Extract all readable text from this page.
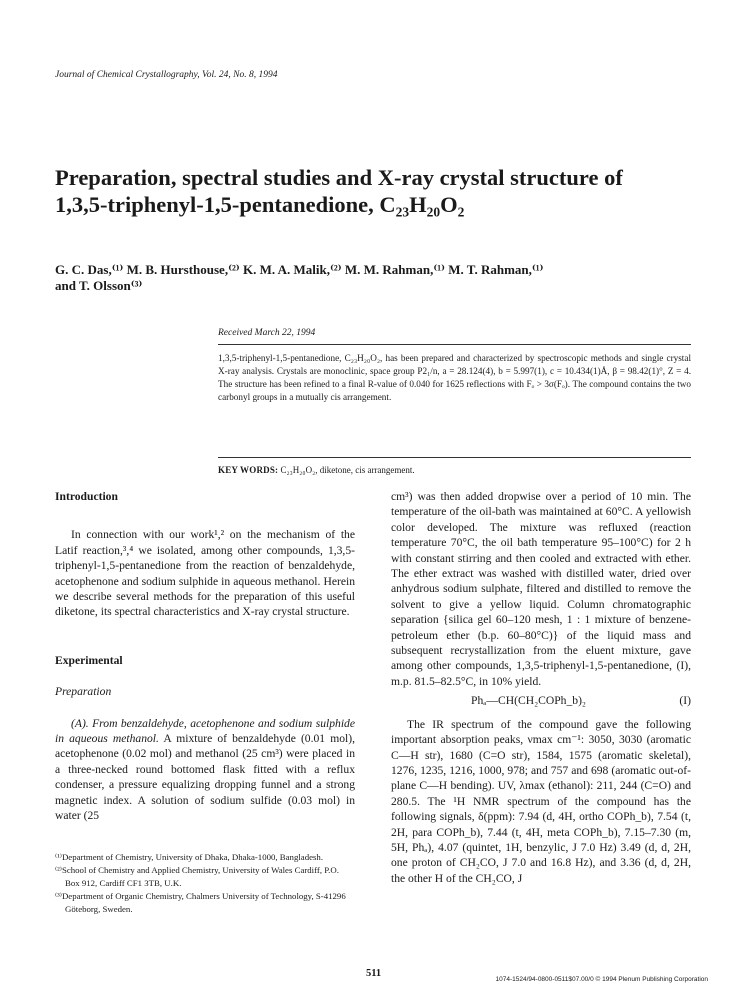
Journal of Chemical Crystallography, Vol. 24, No. 8, 1994
Preparation, spectral studies and X-ray crystal structure of
1,3,5-triphenyl-1,5-pentanedione, C₂₃H₂₀O₂
G. C. Das,⁽¹⁾ M. B. Hursthouse,⁽²⁾ K. M. A. Malik,⁽²⁾ M. M. Rahman,⁽¹⁾ M. T. Rahman,⁽¹⁾
and T. Olsson⁽³⁾
Received March 22, 1994

1,3,5-triphenyl-1,5-pentanedione, C₂₃H₂₀O₂, has been prepared and characterized by spectroscopic methods and single crystal X-ray analysis. Crystals are monoclinic, space group P2₁/n, a = 28.124(4), b = 5.997(1), c = 10.434(1)Å, β = 98.42(1)°, Z = 4. The structure has been refined to a final R-value of 0.040 for 1625 reflections with Fₒ > 3σ(Fₒ). The compound contains the two carbonyl groups in a mutually cis arrangement.

KEY WORDS: C₂₃H₂₀O₂, diketone, cis arrangement.

Introduction

In connection with our work¹,² on the mechanism of the Latif reaction,³,⁴ we isolated, among other compounds, 1,3,5-triphenyl-1,5-pentanedione from the reaction of benzaldehyde, acetophenone and sodium sulphide in aqueous methanol. Herein we describe several methods for the preparation of this useful diketone, its spectral characteristics and X-ray crystal structure.

Experimental

Preparation

(A). From benzaldehyde, acetophenone and sodium sulphide in aqueous methanol. A mixture of benzaldehyde (0.01 mol), acetophenone (0.02 mol) and methanol (25 cm³) were placed in a three-necked round bottomed flask fitted with a reflux condenser, a pressure equalizing dropping funnel and a strong magnetic index. A solution of sodium sulfide (0.03 mol) in water (25

⁽¹⁾Department of Chemistry, University of Dhaka, Dhaka-1000, Bangladesh.

⁽²⁾School of Chemistry and Applied Chemistry, University of Wales Cardiff, P.O. Box 912, Cardiff CF1 3TB, U.K.

⁽³⁾Department of Organic Chemistry, Chalmers University of Technology, S-41296 Göteborg, Sweden.

cm³) was then added dropwise over a period of 10 min. The temperature of the oil-bath was maintained at 60°C. A yellowish color developed. The mixture was refluxed (reaction temperature 70°C, the oil bath temperature 95–100°C) for 2 h with constant stirring and then cooled and extracted with ether. The ether extract was washed with distilled water, dried over anhydrous sodium sulphate, filtered and distilled to remove the solvent to give a yellow liquid. Column chromatographic separation {silica gel 60–120 mesh, 1 : 1 mixture of benzene-petroleum ether (b.p. 60–80°C)} of the liquid mass and subsequent recrystallization from the eluent mixture, gave among other compounds, 1,3,5-triphenyl-1,5-pentanedione, (I), m.p. 81.5–82.5°C, in 10% yield.

Phₐ—CH(CH₂COPh_b)₂	(I)

The IR spectrum of the compound gave the following important absorption peaks, νmax cm⁻¹: 3050, 3030 (aromatic C—H str), 1680 (C=O str), 1584, 1575 (aromatic skeletal), 1276, 1235, 1216, 1000, 978; and 757 and 698 (aromatic out-of-plane C—H bending). UV, λmax (ethanol): 211, 244 (C=O) and 280.5. The ¹H NMR spectrum of the compound has the following signals, δ(ppm): 7.94 (d, 4H, ortho COPh_b), 7.54 (t, 2H, para COPh_b), 7.44 (t, 4H, meta COPh_b), 7.15–7.30 (m, 5H, Phₐ), 4.07 (quintet, 1H, benzylic, J 7.0 Hz) 3.49 (d, d, 2H, one proton of CH₂CO, J 7.0 and 16.8 Hz), and 3.36 (d, d, 2H, the other H of the CH₂CO, J

511
1074-1524/94-0800-0511$07.00/0 © 1994 Plenum Publishing Corporation
